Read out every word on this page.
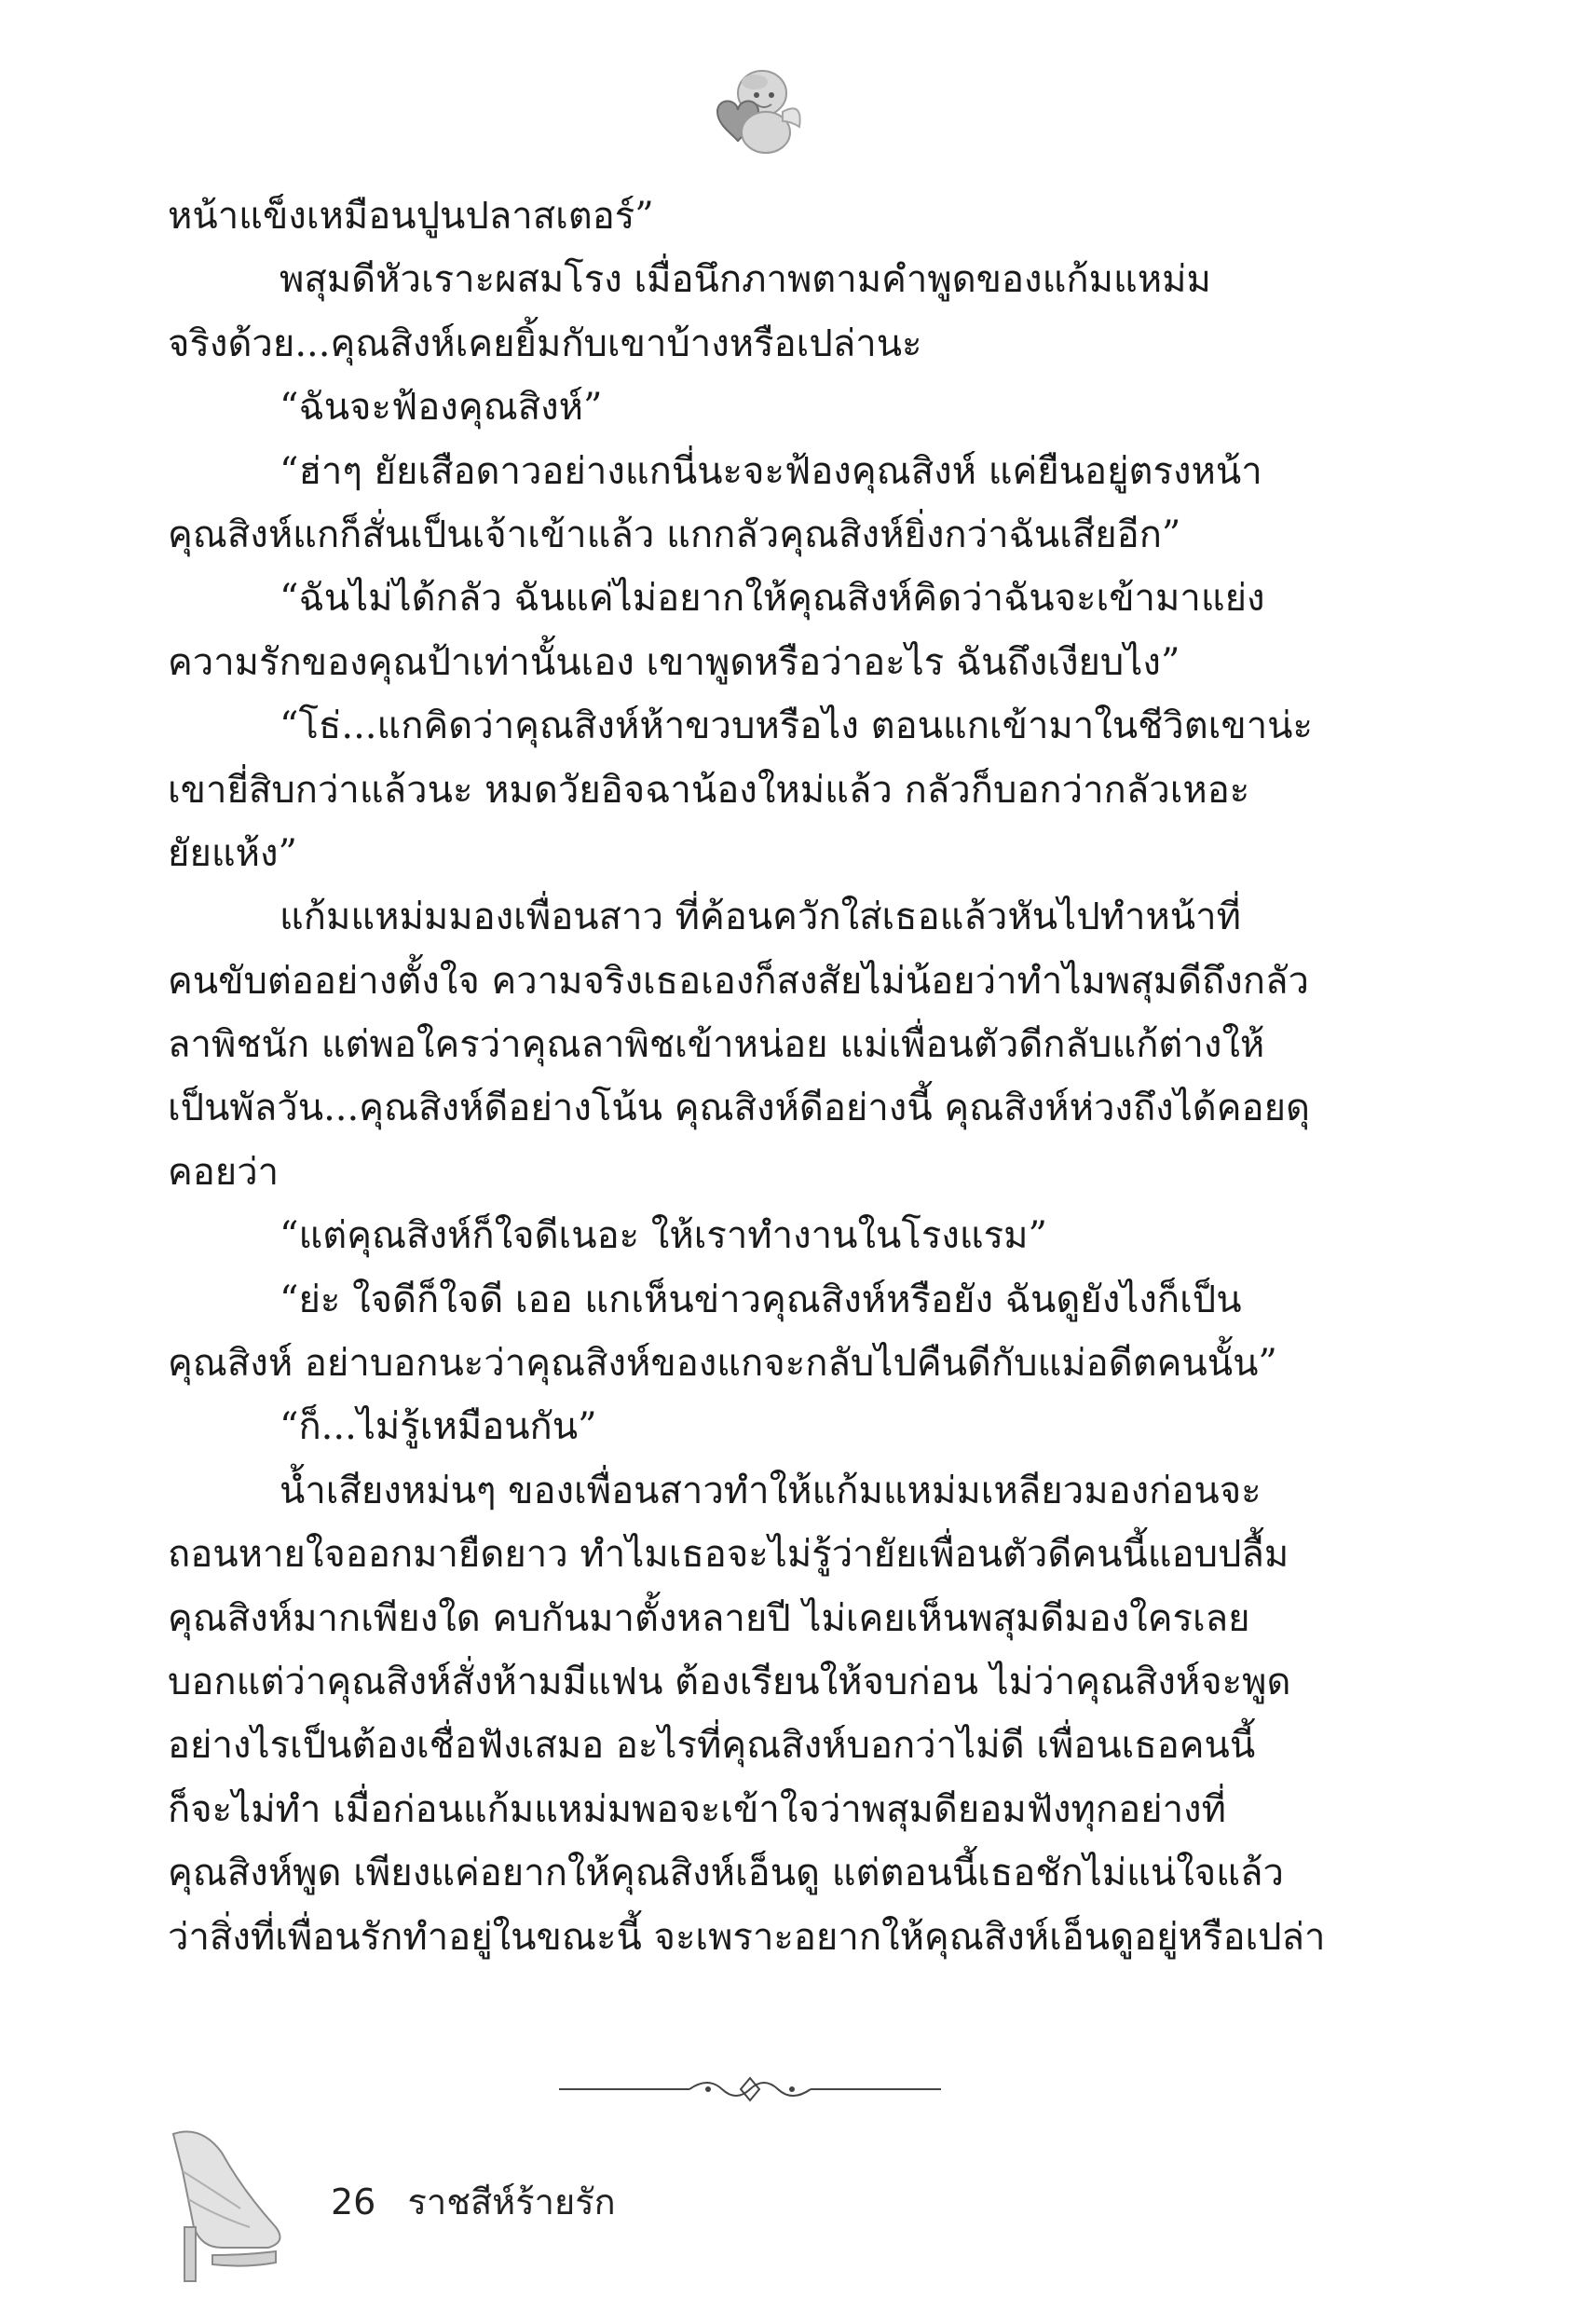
หน้าแข็งเหมือนปูนปลาสเตอร์”
พสุมดีหัวเราะผสมโรง เมื่อนึกภาพตามคำพูดของแก้มแหม่ม
จริงด้วย...คุณสิงห์เคยยิ้มกับเขาบ้างหรือเปล่านะ
“ฉันจะฟ้องคุณสิงห์”
“ฮ่าๆ ยัยเสือดาวอย่างแกนี่นะจะฟ้องคุณสิงห์ แค่ยืนอยู่ตรงหน้า
คุณสิงห์แกก็สั่นเป็นเจ้าเข้าแล้ว แกกลัวคุณสิงห์ยิ่งกว่าฉันเสียอีก”
“ฉันไม่ได้กลัว ฉันแค่ไม่อยากให้คุณสิงห์คิดว่าฉันจะเข้ามาแย่ง
ความรักของคุณป้าเท่านั้นเอง เขาพูดหรือว่าอะไร ฉันถึงเงียบไง”
“โธ่...แกคิดว่าคุณสิงห์ห้าขวบหรือไง ตอนแกเข้ามาในชีวิตเขาน่ะ
เขายี่สิบกว่าแล้วนะ หมดวัยอิจฉาน้องใหม่แล้ว กลัวก็บอกว่ากลัวเหอะ
ยัยแห้ง”
แก้มแหม่มมองเพื่อนสาว ที่ค้อนควักใส่เธอแล้วหันไปทำหน้าที่
คนขับต่ออย่างตั้งใจ ความจริงเธอเองก็สงสัยไม่น้อยว่าทำไมพสุมดีถึงกลัว
ลาพิชนัก แต่พอใครว่าคุณลาพิชเข้าหน่อย แม่เพื่อนตัวดีกลับแก้ต่างให้
เป็นพัลวัน...คุณสิงห์ดีอย่างโน้น คุณสิงห์ดีอย่างนี้ คุณสิงห์ห่วงถึงได้คอยดุ
คอยว่า
“แต่คุณสิงห์ก็ใจดีเนอะ ให้เราทำงานในโรงแรม”
“ย่ะ ใจดีก็ใจดี เออ แกเห็นข่าวคุณสิงห์หรือยัง ฉันดูยังไงก็เป็น
คุณสิงห์ อย่าบอกนะว่าคุณสิงห์ของแกจะกลับไปคืนดีกับแม่อดีตคนนั้น”
“ก็...ไม่รู้เหมือนกัน”
น้ำเสียงหม่นๆ ของเพื่อนสาวทำให้แก้มแหม่มเหลียวมองก่อนจะ
ถอนหายใจออกมายืดยาว ทำไมเธอจะไม่รู้ว่ายัยเพื่อนตัวดีคนนี้แอบปลื้ม
คุณสิงห์มากเพียงใด คบกันมาตั้งหลายปี ไม่เคยเห็นพสุมดีมองใครเลย
บอกแต่ว่าคุณสิงห์สั่งห้ามมีแฟน ต้องเรียนให้จบก่อน ไม่ว่าคุณสิงห์จะพูด
อย่างไรเป็นต้องเชื่อฟังเสมอ อะไรที่คุณสิงห์บอกว่าไม่ดี เพื่อนเธอคนนี้
ก็จะไม่ทำ เมื่อก่อนแก้มแหม่มพอจะเข้าใจว่าพสุมดียอมฟังทุกอย่างที่
คุณสิงห์พูด เพียงแค่อยากให้คุณสิงห์เอ็นดู แต่ตอนนี้เธอชักไม่แน่ใจแล้ว
ว่าสิ่งที่เพื่อนรักทำอยู่ในขณะนี้ จะเพราะอยากให้คุณสิงห์เอ็นดูอยู่หรือเปล่า
26 ราชสีห์ร้ายรัก
